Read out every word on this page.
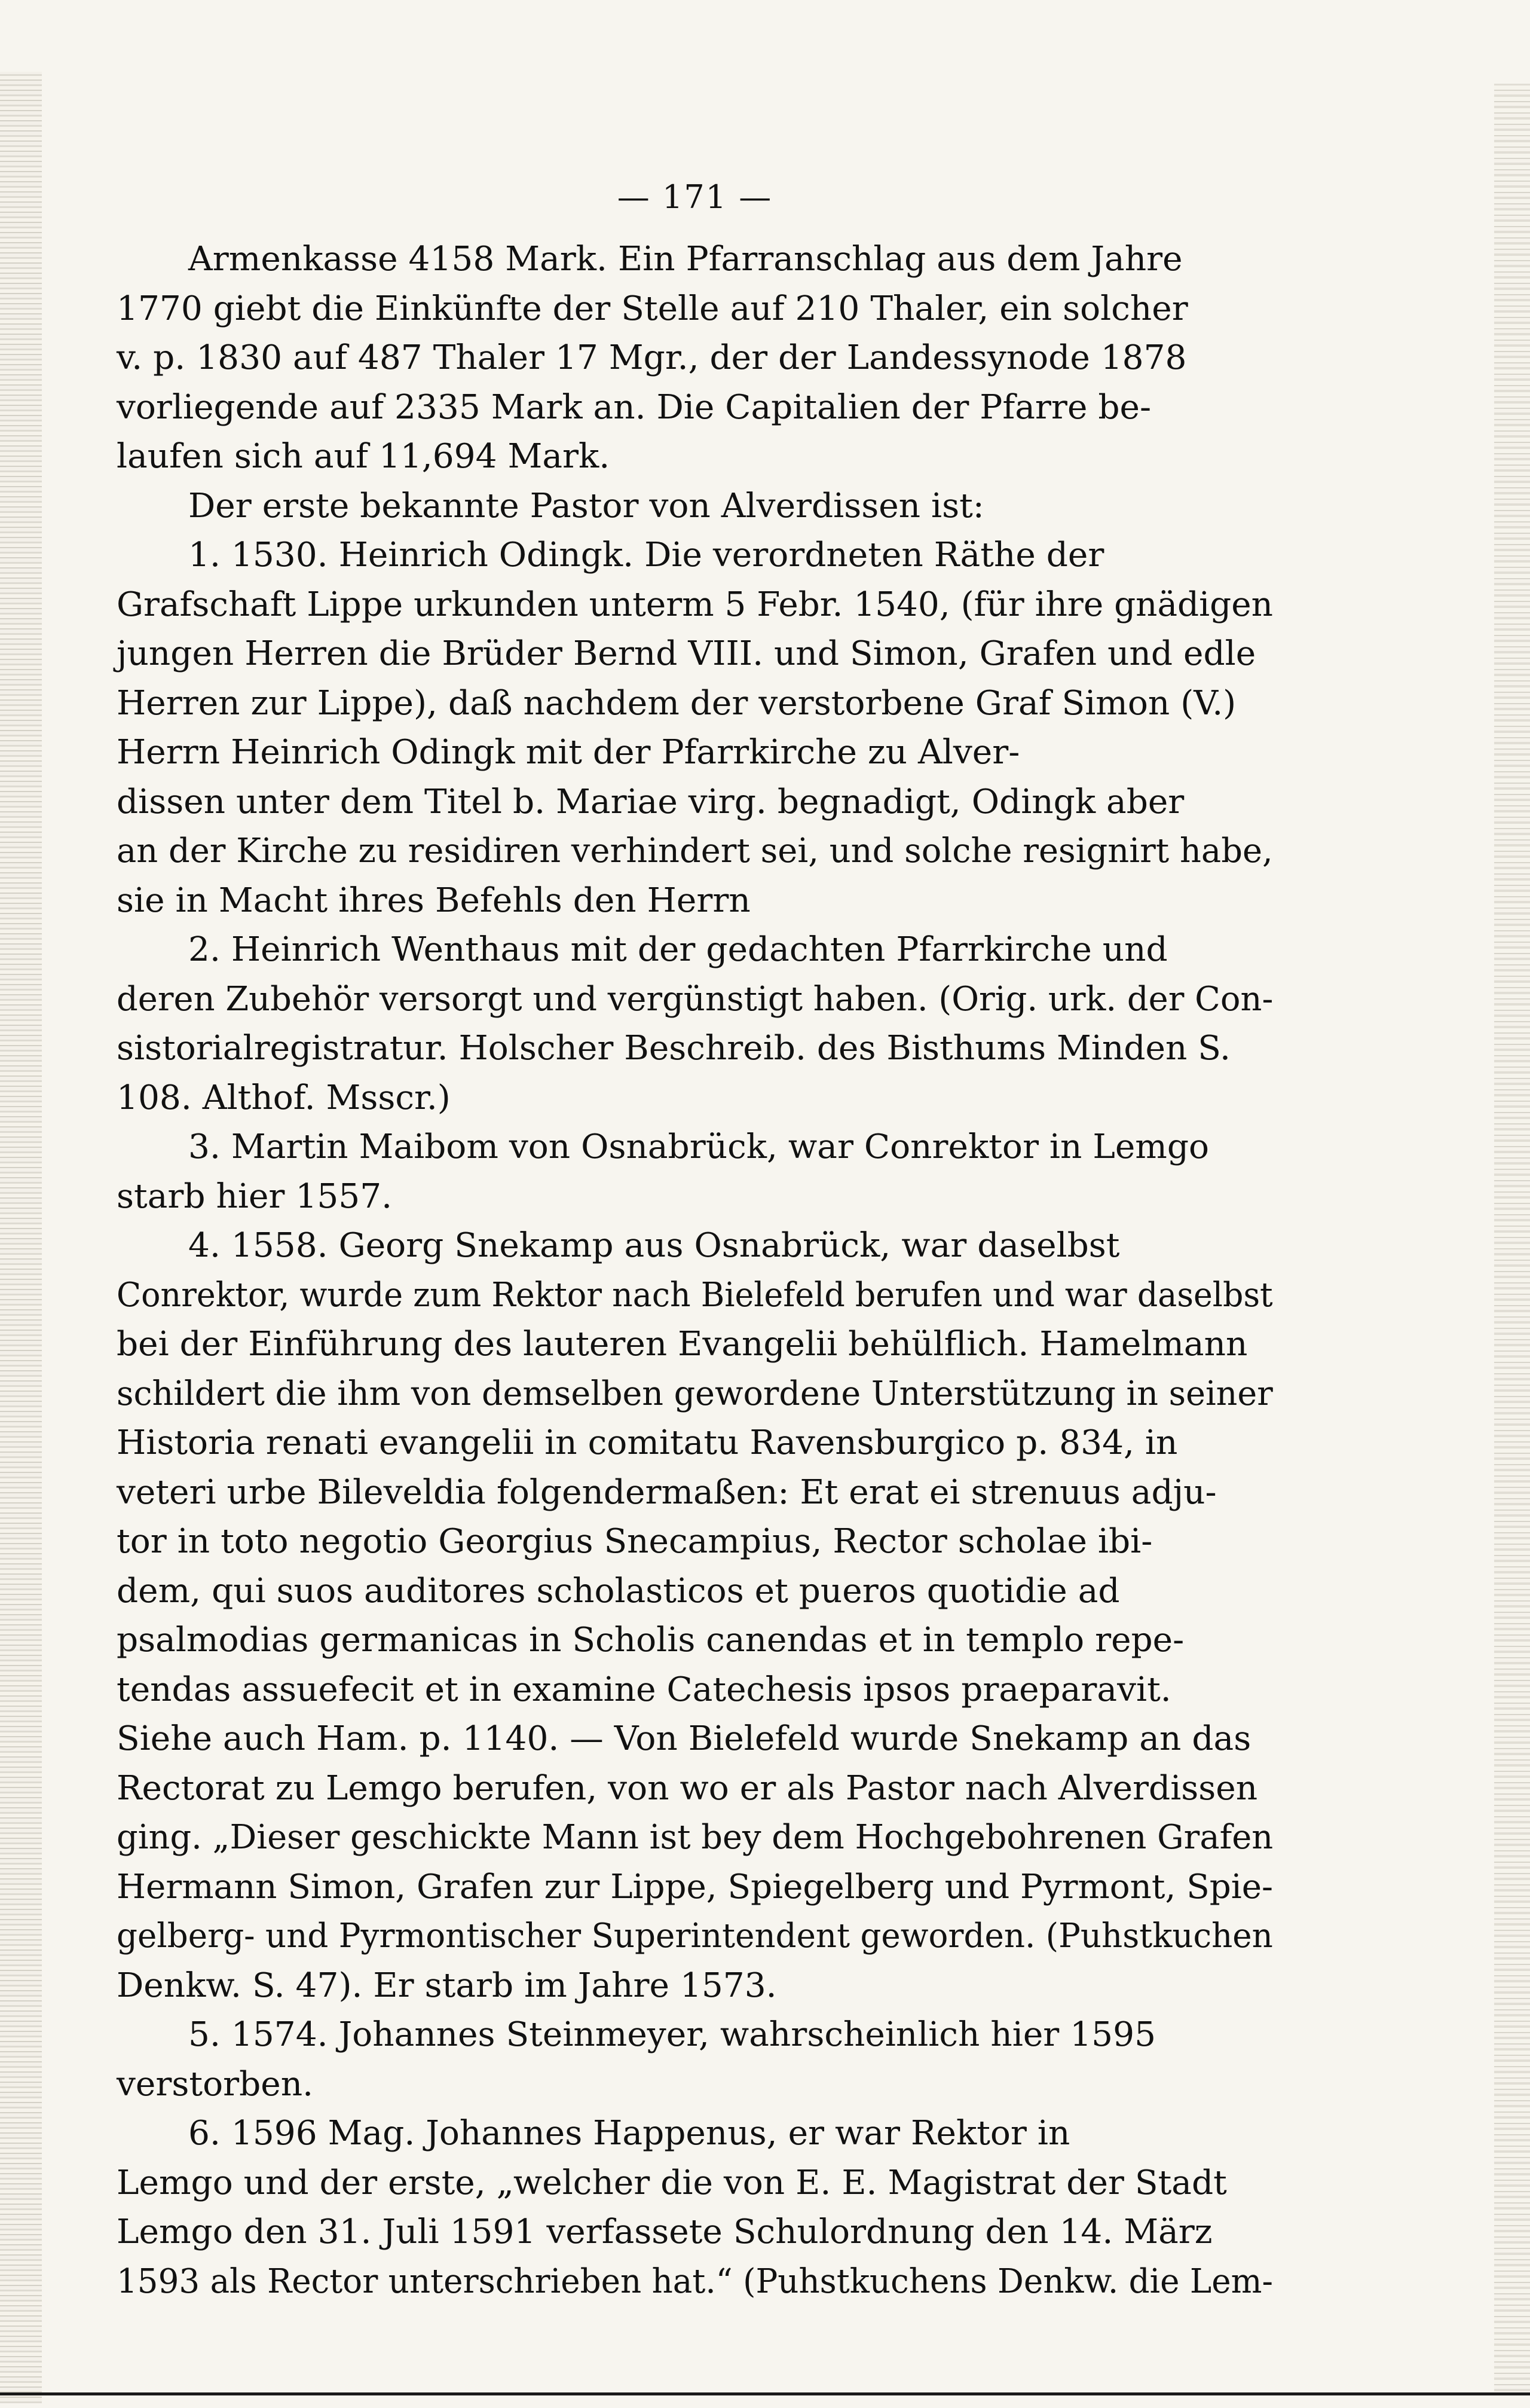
— 171 —
Armenkasse 4158 Mark. Ein Pfarranschlag aus dem Jahre
1770 giebt die Einkünfte der Stelle auf 210 Thaler, ein solcher
v. p. 1830 auf 487 Thaler 17 Mgr., der der Landessynode 1878
vorliegende auf 2335 Mark an. Die Capitalien der Pfarre be-
laufen sich auf 11,694 Mark.
Der erste bekannte Pastor von Alverdissen ist:
1. 1530. Heinrich Odingk. Die verordneten Räthe der
Grafschaft Lippe urkunden unterm 5 Febr. 1540, (für ihre gnädigen
jungen Herren die Brüder Bernd VIII. und Simon, Grafen und edle
Herren zur Lippe), daß nachdem der verstorbene Graf Simon (V.)
Herrn Heinrich Odingk mit der Pfarrkirche zu Alver-
dissen unter dem Titel b. Mariae virg. begnadigt, Odingk aber
an der Kirche zu residiren verhindert sei, und solche resignirt habe,
sie in Macht ihres Befehls den Herrn
2. Heinrich Wenthaus mit der gedachten Pfarrkirche und
deren Zubehör versorgt und vergünstigt haben. (Orig. urk. der Con-
sistorialregistratur. Holscher Beschreib. des Bisthums Minden S.
108. Althof. Msscr.)
3. Martin Maibom von Osnabrück, war Conrektor in Lemgo
starb hier 1557.
4. 1558. Georg Snekamp aus Osnabrück, war daselbst
Conrektor, wurde zum Rektor nach Bielefeld berufen und war daselbst
bei der Einführung des lauteren Evangelii behülflich. Hamelmann
schildert die ihm von demselben gewordene Unterstützung in seiner
Historia renati evangelii in comitatu Ravensburgico p. 834, in
veteri urbe Bileveldia folgendermaßen: Et erat ei strenuus adju-
tor in toto negotio Georgius Snecampius, Rector scholae ibi-
dem, qui suos auditores scholasticos et pueros quotidie ad
psalmodias germanicas in Scholis canendas et in templo repe-
tendas assuefecit et in examine Catechesis ipsos praeparavit.
Siehe auch Ham. p. 1140. — Von Bielefeld wurde Snekamp an das
Rectorat zu Lemgo berufen, von wo er als Pastor nach Alverdissen
ging. „Dieser geschickte Mann ist bey dem Hochgebohrenen Grafen
Hermann Simon, Grafen zur Lippe, Spiegelberg und Pyrmont, Spie-
gelberg- und Pyrmontischer Superintendent geworden. (Puhstkuchen
Denkw. S. 47). Er starb im Jahre 1573.
5. 1574. Johannes Steinmeyer, wahrscheinlich hier 1595
verstorben.
6. 1596 Mag. Johannes Happenus, er war Rektor in
Lemgo und der erste, „welcher die von E. E. Magistrat der Stadt
Lemgo den 31. Juli 1591 verfassete Schulordnung den 14. März
1593 als Rector unterschrieben hat.“ (Puhstkuchens Denkw. die Lem-
